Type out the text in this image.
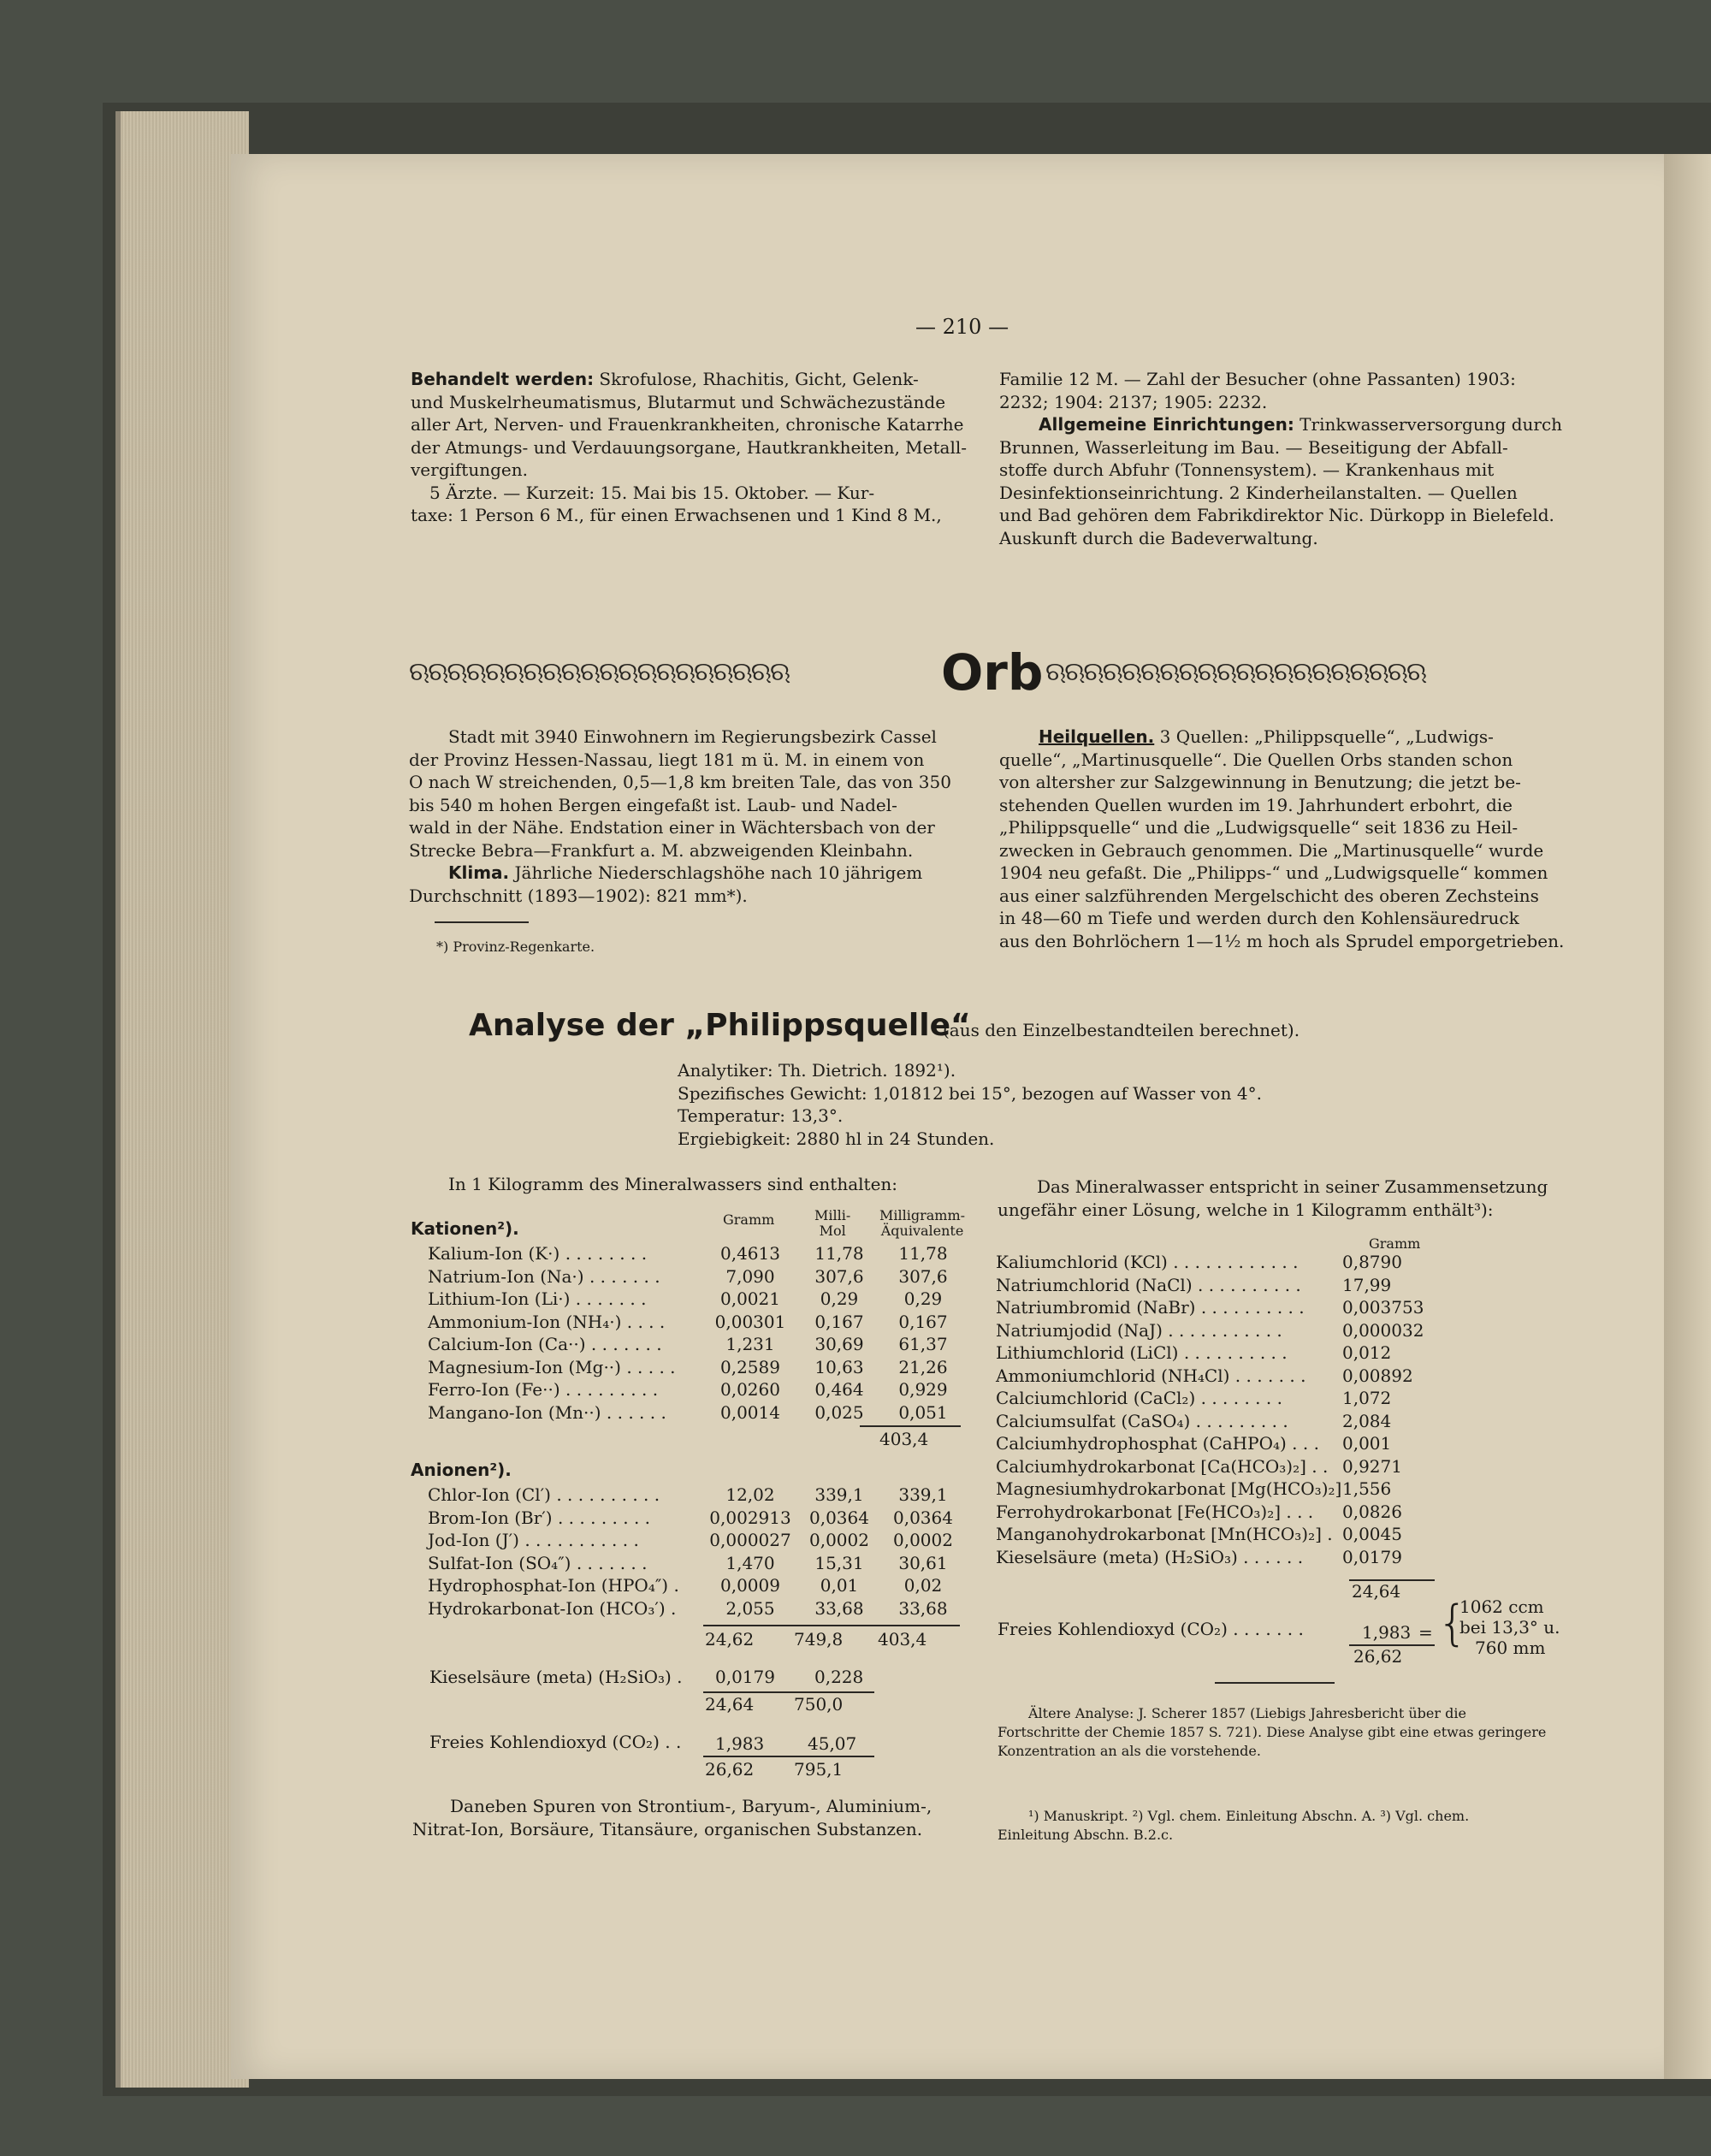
— 210 —
Behandelt werden: Skrofulose, Rhachitis, Gicht, Gelenk-
und Muskelrheumatismus, Blutarmut und Schwächezustände
aller Art, Nerven- und Frauenkrankheiten, chronische Katarrhe
der Atmungs- und Verdauungsorgane, Hautkrankheiten, Metall-
vergiftungen.
5 Ärzte. — Kurzeit: 15. Mai bis 15. Oktober. — Kur-
taxe: 1 Person 6 M., für einen Erwachsenen und 1 Kind 8 M.,
Familie 12 M. — Zahl der Besucher (ohne Passanten) 1903:
2232; 1904: 2137; 1905: 2232.
Allgemeine Einrichtungen: Trinkwasserversorgung durch
Brunnen, Wasserleitung im Bau. — Beseitigung der Abfall-
stoffe durch Abfuhr (Tonnensystem). — Krankenhaus mit
Desinfektionseinrichtung. 2 Kinderheilanstalten. — Quellen
und Bad gehören dem Fabrikdirektor Nic. Dürkopp in Bielefeld.
Auskunft durch die Badeverwaltung.
ଋଋଋଋଋଋଋଋଋଋଋଋଋଋଋଋଋଋଋଋ	Orb ଋଋଋଋଋଋଋଋଋଋଋଋଋଋଋଋଋଋଋଋ
Stadt mit 3940 Einwohnern im Regierungsbezirk Cassel
der Provinz Hessen-Nassau, liegt 181 m ü. M. in einem von
O nach W streichenden, 0,5—1,8 km breiten Tale, das von 350
bis 540 m hohen Bergen eingefaßt ist. Laub- und Nadel-
wald in der Nähe. Endstation einer in Wächtersbach von der
Strecke Bebra—Frankfurt a. M. abzweigenden Kleinbahn.
Klima. Jährliche Niederschlagshöhe nach 10 jährigem
Durchschnitt (1893—1902): 821 mm*).
*) Provinz-Regenkarte.
Heilquellen. 3 Quellen: „Philippsquelle“, „Ludwigs-
quelle“, „Martinusquelle“. Die Quellen Orbs standen schon
von altersher zur Salzgewinnung in Benutzung; die jetzt be-
stehenden Quellen wurden im 19. Jahrhundert erbohrt, die
„Philippsquelle“ und die „Ludwigsquelle“ seit 1836 zu Heil-
zwecken in Gebrauch genommen. Die „Martinusquelle“ wurde
1904 neu gefaßt. Die „Philipps-“ und „Ludwigsquelle“ kommen
aus einer salzführenden Mergelschicht des oberen Zechsteins
in 48—60 m Tiefe und werden durch den Kohlensäuredruck
aus den Bohrlöchern 1—1½ m hoch als Sprudel emporgetrieben.
Analyse der „Philippsquelle“
(aus den Einzelbestandteilen berechnet).
Analytiker: Th. Dietrich. 1892¹).
Spezifisches Gewicht: 1,01812 bei 15°, bezogen auf Wasser von 4°.
Temperatur: 13,3°.
Ergiebigkeit: 2880 hl in 24 Stunden.
In 1 Kilogramm des Mineralwassers sind enthalten:
Gramm	Milli-
Mol
Milligramm-
Äquivalente
Kationen²).
Kalium-Ion (K·) . . . . . . . .	0,4613	11,78	11,78
Natrium-Ion (Na·) . . . . . . .	7,090	307,6	307,6
Lithium-Ion (Li·) . . . . . . .	0,0021	0,29	0,29
Ammonium-Ion (NH₄·) . . . .	0,00301	0,167	0,167
Calcium-Ion (Ca··) . . . . . . .	1,231	30,69	61,37
Magnesium-Ion (Mg··) . . . . .	0,2589	10,63	21,26
Ferro-Ion (Fe··) . . . . . . . . .	0,0260	0,464	0,929
Mangano-Ion (Mn··) . . . . . .	0,0014	0,025	0,051
403,4
Anionen²).
Chlor-Ion (Cl′) . . . . . . . . . .	12,02	339,1	339,1
Brom-Ion (Br′) . . . . . . . . .	0,002913	0,0364	0,0364
Jod-Ion (J′) . . . . . . . . . . .	0,000027	0,0002	0,0002
Sulfat-Ion (SO₄″) . . . . . . .	1,470	15,31	30,61
Hydrophosphat-Ion (HPO₄″) .	0,0009	0,01	0,02
Hydrokarbonat-Ion (HCO₃′) .	2,055	33,68	33,68
24,62 749,8 403,4
Kieselsäure (meta) (H₂SiO₃) . 0,0179 0,228
24,64 750,0
Freies Kohlendioxyd (CO₂) . . 1,983	45,07
26,62 795,1
Daneben Spuren von Strontium-, Baryum-, Aluminium-,
Nitrat-Ion, Borsäure, Titansäure, organischen Substanzen.
Das Mineralwasser entspricht in seiner Zusammensetzung
ungefähr einer Lösung, welche in 1 Kilogramm enthält³):
Gramm
Kaliumchlorid (KCl) . . . . . . . . . . . .	0,8790
Natriumchlorid (NaCl) . . . . . . . . . .	17,99
Natriumbromid (NaBr) . . . . . . . . . .	0,003753
Natriumjodid (NaJ) . . . . . . . . . . .	0,000032
Lithiumchlorid (LiCl) . . . . . . . . . .	0,012
Ammoniumchlorid (NH₄Cl) . . . . . . .	0,00892
Calciumchlorid (CaCl₂) . . . . . . . .	1,072
Calciumsulfat (CaSO₄) . . . . . . . . .	2,084
Calciumhydrophosphat (CaHPO₄) . . .	0,001
Calciumhydrokarbonat [Ca(HCO₃)₂] . .	0,9271
Magnesiumhydrokarbonat [Mg(HCO₃)₂]	1,556
Ferrohydrokarbonat [Fe(HCO₃)₂] . . .	0,0826
Manganohydrokarbonat [Mn(HCO₃)₂] .	0,0045
Kieselsäure (meta) (H₂SiO₃) . . . . . .	0,0179
24,64
Freies Kohlendioxyd (CO₂) . . . . . . .	1,983 = {
1062 ccm
bei 13,3° u.
760 mm
26,62
Ältere Analyse: J. Scherer 1857 (Liebigs Jahresbericht über die
Fortschritte der Chemie 1857 S. 721). Diese Analyse gibt eine etwas geringere
Konzentration an als die vorstehende.
¹) Manuskript. ²) Vgl. chem. Einleitung Abschn. A. ³) Vgl. chem.
Einleitung Abschn. B.2.c.
